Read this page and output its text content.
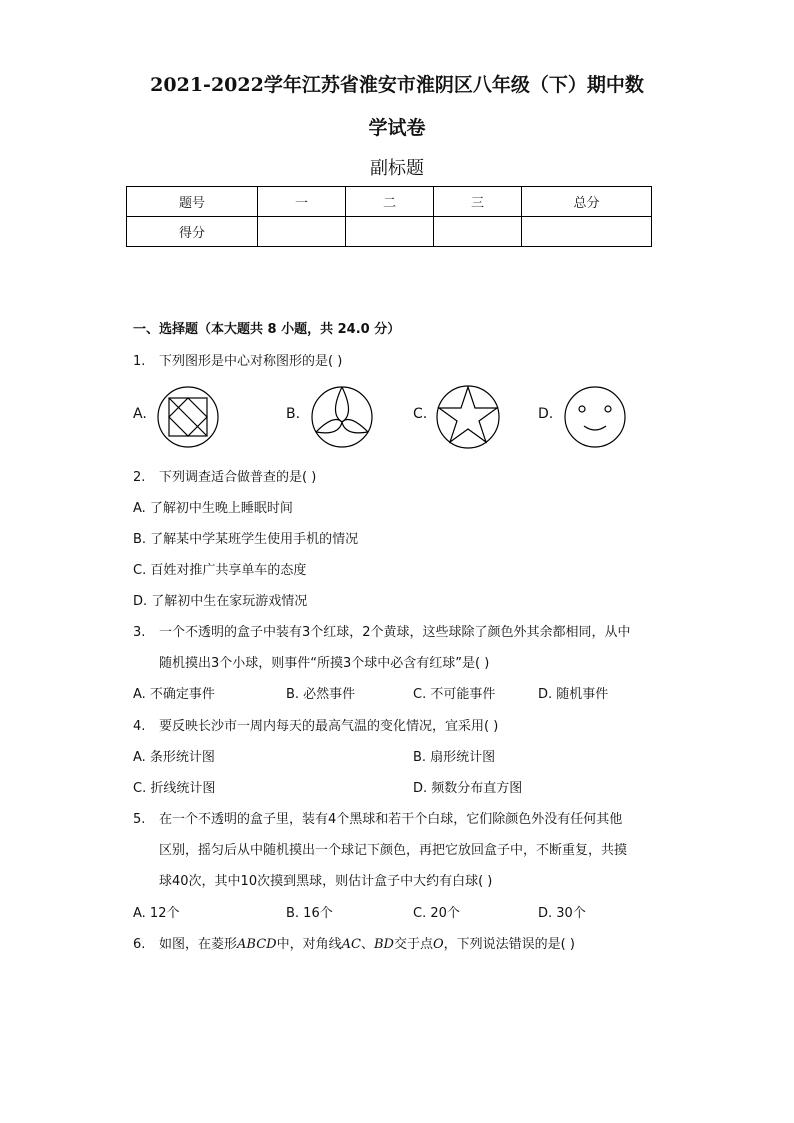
2021-2022学年江苏省淮安市淮阴区八年级（下）期中数
学试卷
副标题
题号	一	二	三	总分
得分				
一、选择题（本大题共 8 小题，共 24.0 分）
1. 下列图形是中心对称图形的是( )
A.	B.	C.	D.
2. 下列调查适合做普查的是( )
A. 了解初中生晚上睡眠时间
B. 了解某中学某班学生使用手机的情况
C. 百姓对推广共享单车的态度
D. 了解初中生在家玩游戏情况
3. 一个不透明的盒子中装有3个红球，2个黄球，这些球除了颜色外其余都相同，从中
随机摸出3个小球，则事件“所摸3个球中必含有红球”是( )
A. 不确定事件	B. 必然事件	C. 不可能事件	D. 随机事件
4. 要反映长沙市一周内每天的最高气温的变化情况，宜采用( )
A. 条形统计图	B. 扇形统计图
C. 折线统计图	D. 频数分布直方图
5. 在一个不透明的盒子里，装有4个黑球和若干个白球，它们除颜色外没有任何其他
区别，摇匀后从中随机摸出一个球记下颜色，再把它放回盒子中，不断重复，共摸
球40次，其中10次摸到黑球，则估计盒子中大约有白球( )
A. 12个	B. 16个	C. 20个	D. 30个
6. 如图，在菱形ABCD中，对角线AC、BD交于点O，下列说法错误的是( )
